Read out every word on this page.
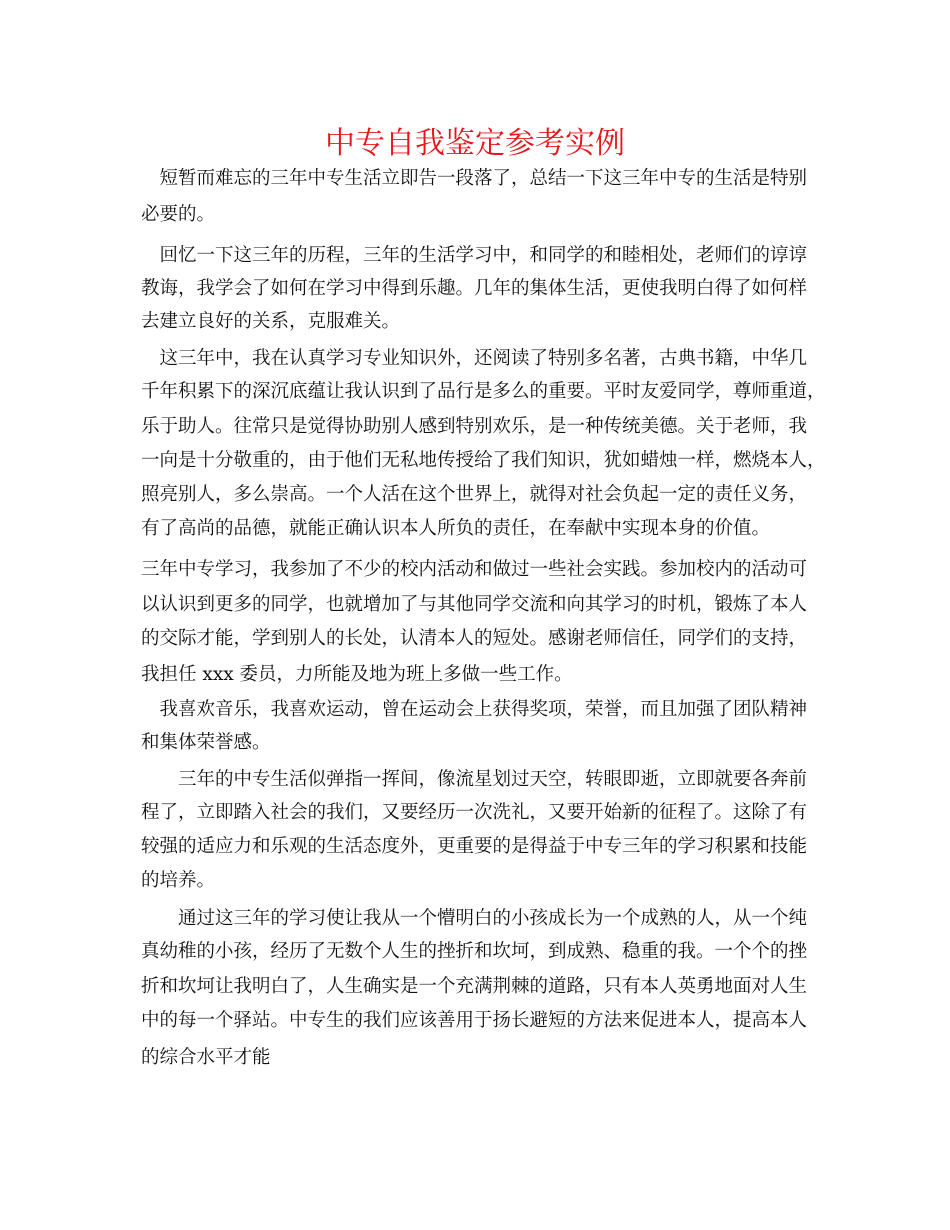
中专自我鉴定参考实例
　短暂而难忘的三年中专生活立即告一段落了，总结一下这三年中专的生活是特别
必要的。
　回忆一下这三年的历程，三年的生活学习中，和同学的和睦相处，老师们的谆谆
教诲，我学会了如何在学习中得到乐趣。几年的集体生活，更使我明白得了如何样
去建立良好的关系，克服难关。
　这三年中，我在认真学习专业知识外，还阅读了特别多名著，古典书籍，中华几
千年积累下的深沉底蕴让我认识到了品行是多么的重要。平时友爱同学，尊师重道，
乐于助人。往常只是觉得协助别人感到特别欢乐，是一种传统美德。关于老师，我
一向是十分敬重的，由于他们无私地传授给了我们知识，犹如蜡烛一样，燃烧本人，
照亮别人，多么崇高。一个人活在这个世界上，就得对社会负起一定的责任义务，
有了高尚的品德，就能正确认识本人所负的责任，在奉献中实现本身的价值。
三年中专学习，我参加了不少的校内活动和做过一些社会实践。参加校内的活动可
以认识到更多的同学，也就增加了与其他同学交流和向其学习的时机，锻炼了本人
的交际才能，学到别人的长处，认清本人的短处。感谢老师信任，同学们的支持，
我担任 xxx 委员，力所能及地为班上多做一些工作。
　我喜欢音乐，我喜欢运动，曾在运动会上获得奖项，荣誉，而且加强了团队精神
和集体荣誉感。
　　三年的中专生活似弹指一挥间，像流星划过天空，转眼即逝，立即就要各奔前
程了，立即踏入社会的我们，又要经历一次洗礼，又要开始新的征程了。这除了有
较强的适应力和乐观的生活态度外，更重要的是得益于中专三年的学习积累和技能
的培养。
　　通过这三年的学习使让我从一个懵明白的小孩成长为一个成熟的人，从一个纯
真幼稚的小孩，经历了无数个人生的挫折和坎坷，到成熟、稳重的我。一个个的挫
折和坎坷让我明白了，人生确实是一个充满荆棘的道路，只有本人英勇地面对人生
中的每一个驿站。中专生的我们应该善用于扬长避短的方法来促进本人，提高本人
的综合水平才能
